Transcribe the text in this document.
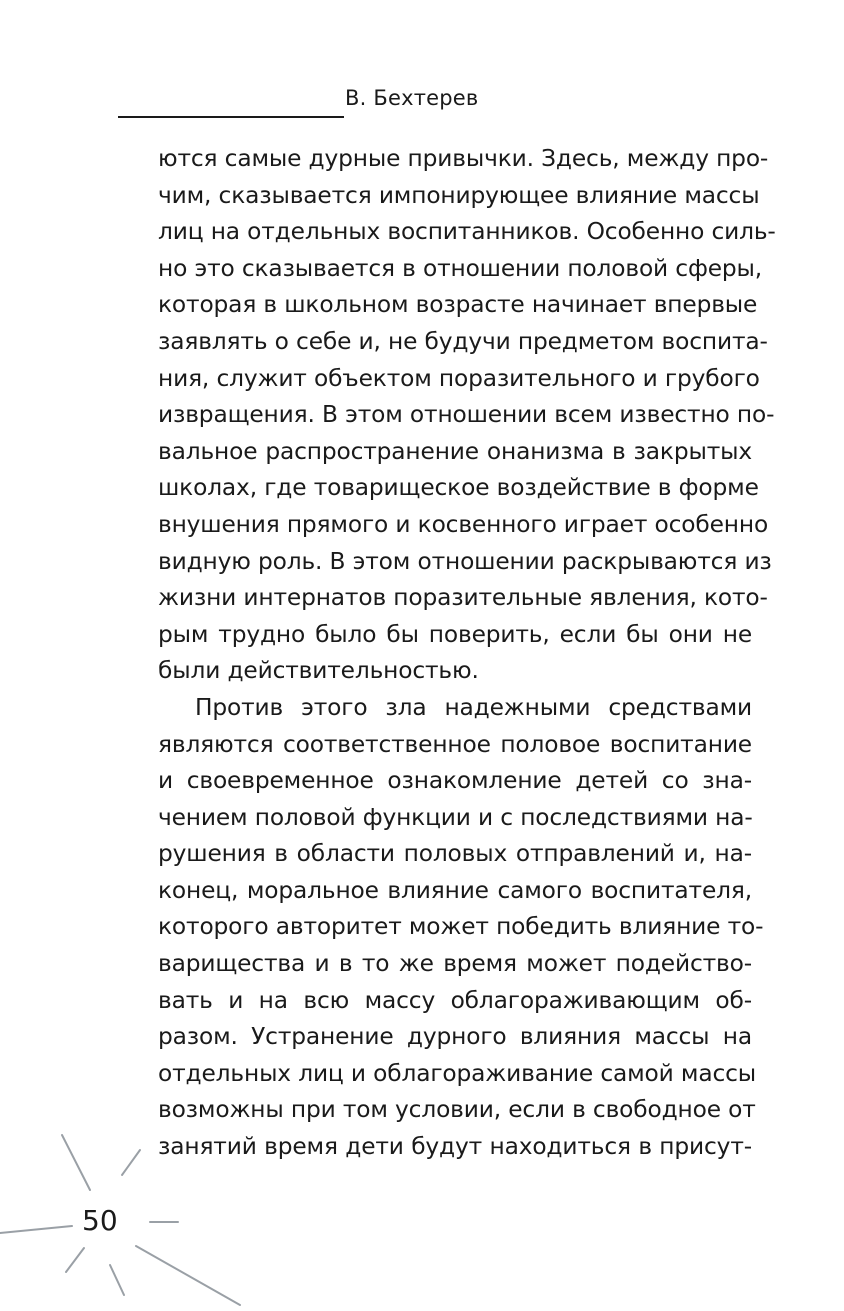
В. Бехтерев
ются самые дурные привычки. Здесь, между про-
чим, сказывается импонирующее влияние массы
лиц на отдельных воспитанников. Особенно силь-
но это сказывается в отношении половой сферы,
которая в школьном возрасте начинает впервые
заявлять о себе и, не будучи предметом воспита-
ния, служит объектом поразительного и грубого
извращения. В этом отношении всем известно по-
вальное распространение онанизма в закрытых
школах, где товарищеское воздействие в форме
внушения прямого и косвенного играет особенно
видную роль. В этом отношении раскрываются из
жизни интернатов поразительные явления, кото-
рым трудно было бы поверить, если бы они не
были действительностью.
Против этого зла надежными средствами
являются соответственное половое воспитание
и своевременное ознакомление детей со зна-
чением половой функции и с последствиями на-
рушения в области половых отправлений и, на-
конец, моральное влияние самого воспитателя,
которого авторитет может победить влияние то-
варищества и в то же время может подейство-
вать и на всю массу облагораживающим об-
разом. Устранение дурного влияния массы на
отдельных лиц и облагораживание самой массы
возможны при том условии, если в свободное от
занятий время дети будут находиться в присут-
50
